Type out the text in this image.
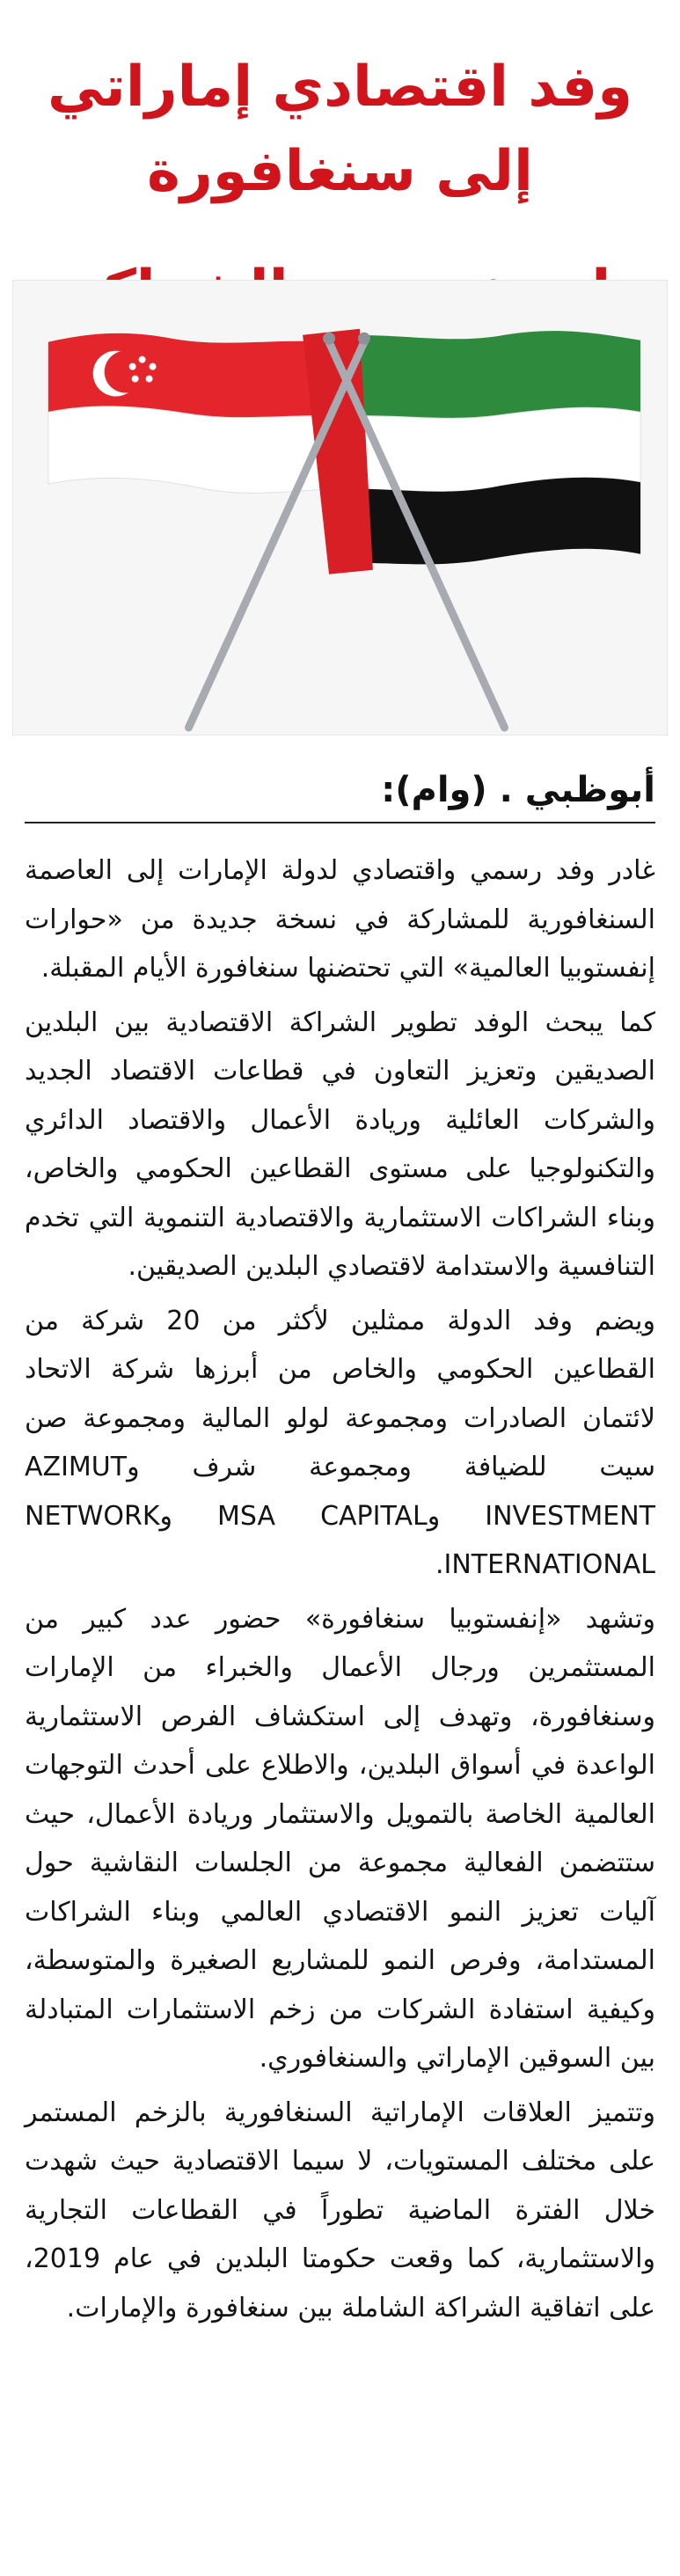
وفد اقتصادي إماراتي إلى سنغافورة
أبوظبي . (وام):

غادر وفد رسمي واقتصادي لدولة الإمارات إلى العاصمة السنغافورية للمشاركة في نسخة جديدة من «حوارات إنفستوبيا العالمية» التي تحتضنها سنغافورة الأيام المقبلة.

كما يبحث الوفد تطوير الشراكة الاقتصادية بين البلدين الصديقين وتعزيز التعاون في قطاعات الاقتصاد الجديد والشركات العائلية وريادة الأعمال والاقتصاد الدائري والتكنولوجيا على مستوى القطاعين الحكومي والخاص، وبناء الشراكات الاستثمارية والاقتصادية التنموية التي تخدم التنافسية والاستدامة لاقتصادي البلدين الصديقين.

ويضم وفد الدولة ممثلين لأكثر من 20 شركة من القطاعين الحكومي والخاص من أبرزها شركة الاتحاد لائتمان الصادرات ومجموعة لولو المالية ومجموعة صن سيت للضيافة ومجموعة شرف وAZIMUT INVESTMENT وMSA CAPITAL وNETWORK INTERNATIONAL.

وتشهد «إنفستوبيا سنغافورة» حضور عدد كبير من المستثمرين ورجال الأعمال والخبراء من الإمارات وسنغافورة، وتهدف إلى استكشاف الفرص الاستثمارية الواعدة في أسواق البلدين، والاطلاع على أحدث التوجهات العالمية الخاصة بالتمويل والاستثمار وريادة الأعمال، حيث ستتضمن الفعالية مجموعة من الجلسات النقاشية حول آليات تعزيز النمو الاقتصادي العالمي وبناء الشراكات المستدامة، وفرص النمو للمشاريع الصغيرة والمتوسطة، وكيفية استفادة الشركات من زخم الاستثمارات المتبادلة بين السوقين الإماراتي والسنغافوري.

وتتميز العلاقات الإماراتية السنغافورية بالزخم المستمر على مختلف المستويات، لا سيما الاقتصادية حيث شهدت خلال الفترة الماضية تطوراً في القطاعات التجارية والاستثمارية، كما وقعت حكومتا البلدين في عام 2019، على اتفاقية الشراكة الشاملة بين سنغافورة والإمارات.
